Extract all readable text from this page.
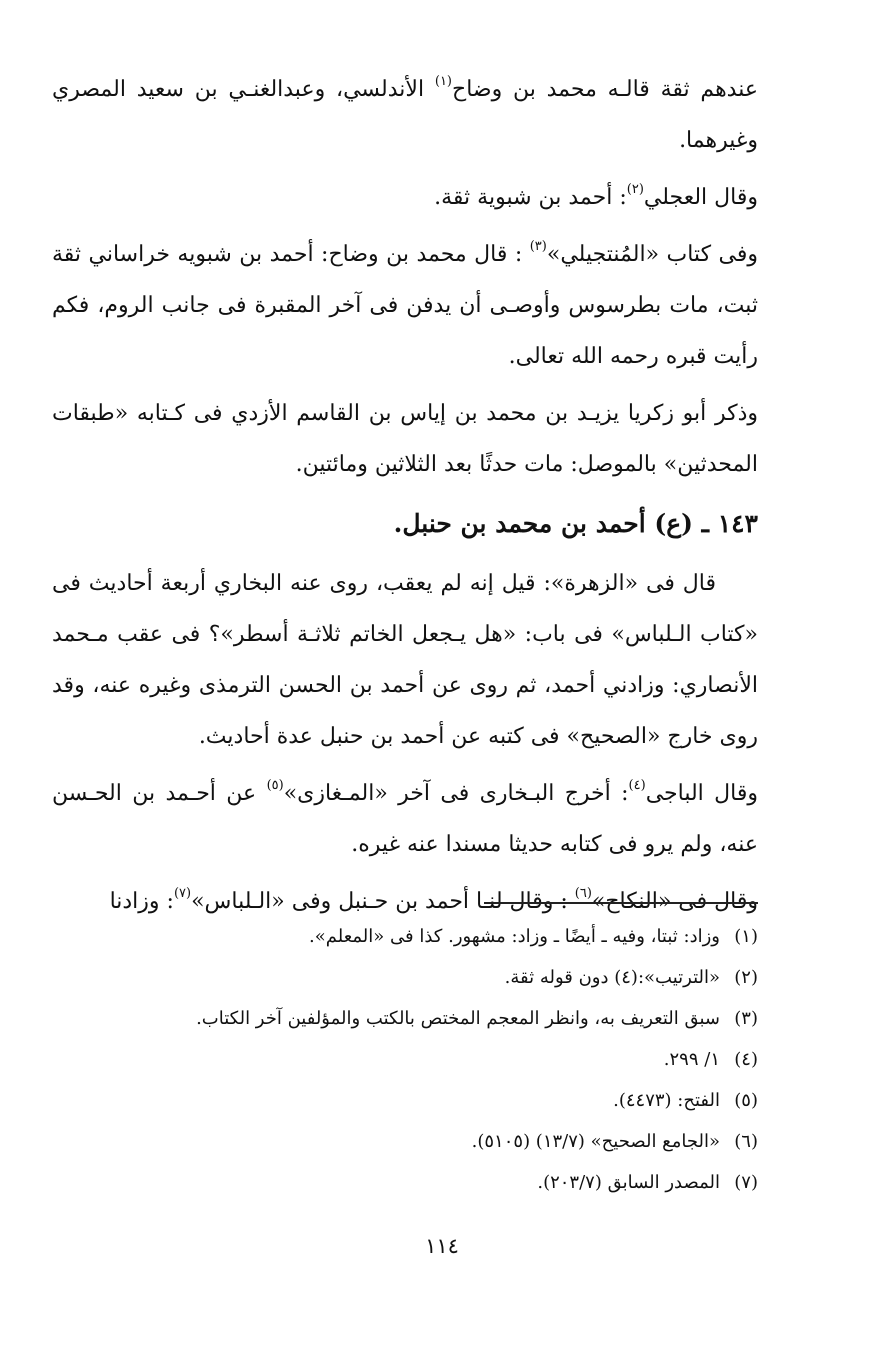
عندهم ثقة قالـه محمد بن وضاح$^{(١)}$ الأندلسي، وعبدالغنـي بن سعيد المصري وغيرهما.

وقال العجلي$^{(٢)}$: أحمد بن شبوية ثقة.

وفى كتاب «المُنتجيلي»$^{(٣)}$ : قال محمد بن وضاح: أحمد بن شبويه خراساني ثقة ثبت، مات بطرسوس وأوصـى أن يدفن فى آخر المقبرة فى جانب الروم، فكم رأيت قبره رحمه الله تعالى.

وذكر أبو زكريا يزيـد بن محمد بن إياس بن القاسم الأزدي فى كـتابه «طبقات المحدثين» بالموصل: مات حدثًا بعد الثلاثين ومائتين.

١٤٣ ـ (ع) أحمد بن محمد بن حنبل.

قال فى «الزهرة»: قيل إنه لم يعقب، روى عنه البخاري أربعة أحاديث فى «كتاب الـلباس» فى باب: «هل يـجعل الخاتم ثلاثـة أسطر»؟ فى عقب مـحمد الأنصاري: وزادني أحمد، ثم روى عن أحمد بن الحسن الترمذى وغيره عنه، وقد روى خارج «الصحيح» فى كتبه عن أحمد بن حنبل عدة أحاديث.

وقال الباجى$^{(٤)}$: أخرج البـخارى فى آخر «المـغازى»$^{(٥)}$ عن أحـمد بن الحـسن عنه، ولم يرو فى كتابه حديثا مسندا عنه غيره.

وقال فى «النكاح»$^{(٦)}$ : وقال لنـا أحمد بن حـنبل وفى «الـلباس»$^{(٧)}$: وزادنا

(١)وزاد: ثبتا، وفيه ـ أيضًا ـ وزاد: مشهور. كذا فى «المعلم».

(٢)«الترتيب»:(٤) دون قوله ثقة.

(٣)سبق التعريف به، وانظر المعجم المختص بالكتب والمؤلفين آخر الكتاب.

(٤)١/ ٢٩٩.

(٥)الفتح: (٤٤٧٣).

(٦)«الجامع الصحيح» (١٣/٧) (٥١٠٥).

(٧)المصدر السابق (٢٠٣/٧).

١١٤
